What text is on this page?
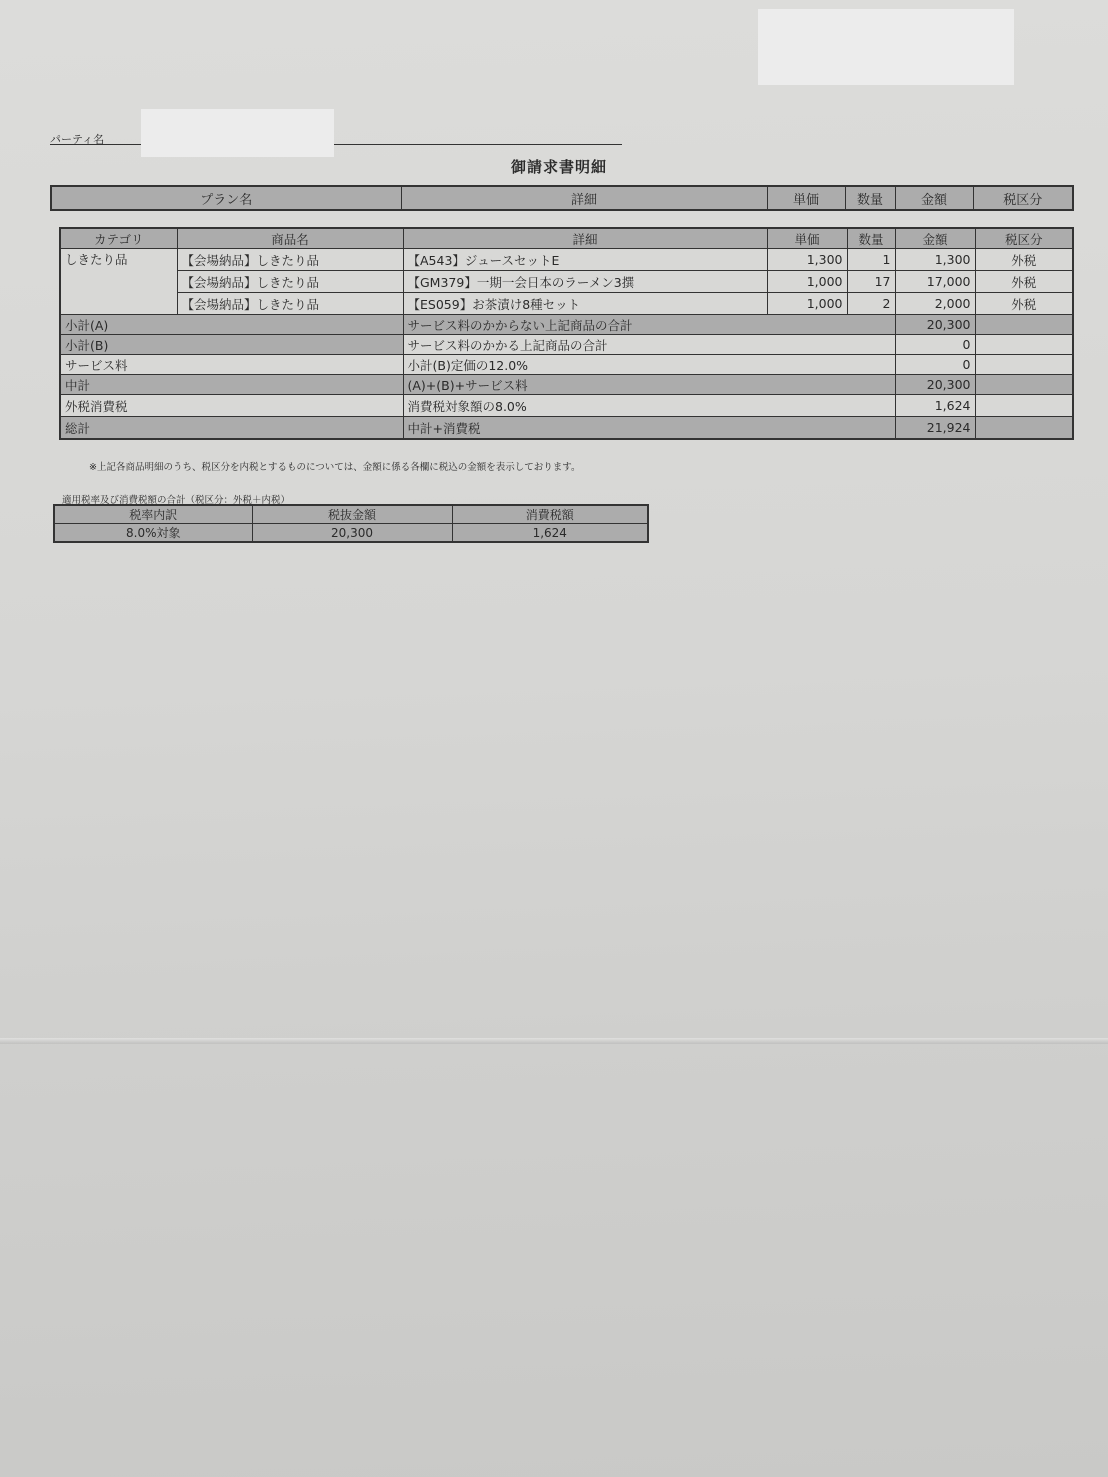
パーティ名
御請求書明細
プラン名	詳細	単価	数量	金額	税区分
カテゴリ	商品名	詳細	単価	数量	金額	税区分
しきたり品	【会場納品】しきたり品	【A543】ジュースセットE	1,300	1	1,300	外税
	【会場納品】しきたり品	【GM379】一期一会日本のラーメン3撰	1,000	17	17,000	外税
	【会場納品】しきたり品	【ES059】お茶漬け8種セット	1,000	2	2,000	外税
小計(A)		サービス料のかからない上記商品の合計			20,300	
小計(B)		サービス料のかかる上記商品の合計			0	
サービス料		小計(B)定価の12.0%			0	
中計		(A)+(B)+サービス料			20,300	
外税消費税		消費税対象額の8.0%			1,624	
総計		中計+消費税			21,924	
※上記各商品明細のうち、税区分を内税とするものについては、金額に係る各欄に税込の金額を表示しております。
適用税率及び消費税額の合計（税区分：外税＋内税）
税率内訳	税抜金額	消費税額
8.0%対象	20,300	1,624
